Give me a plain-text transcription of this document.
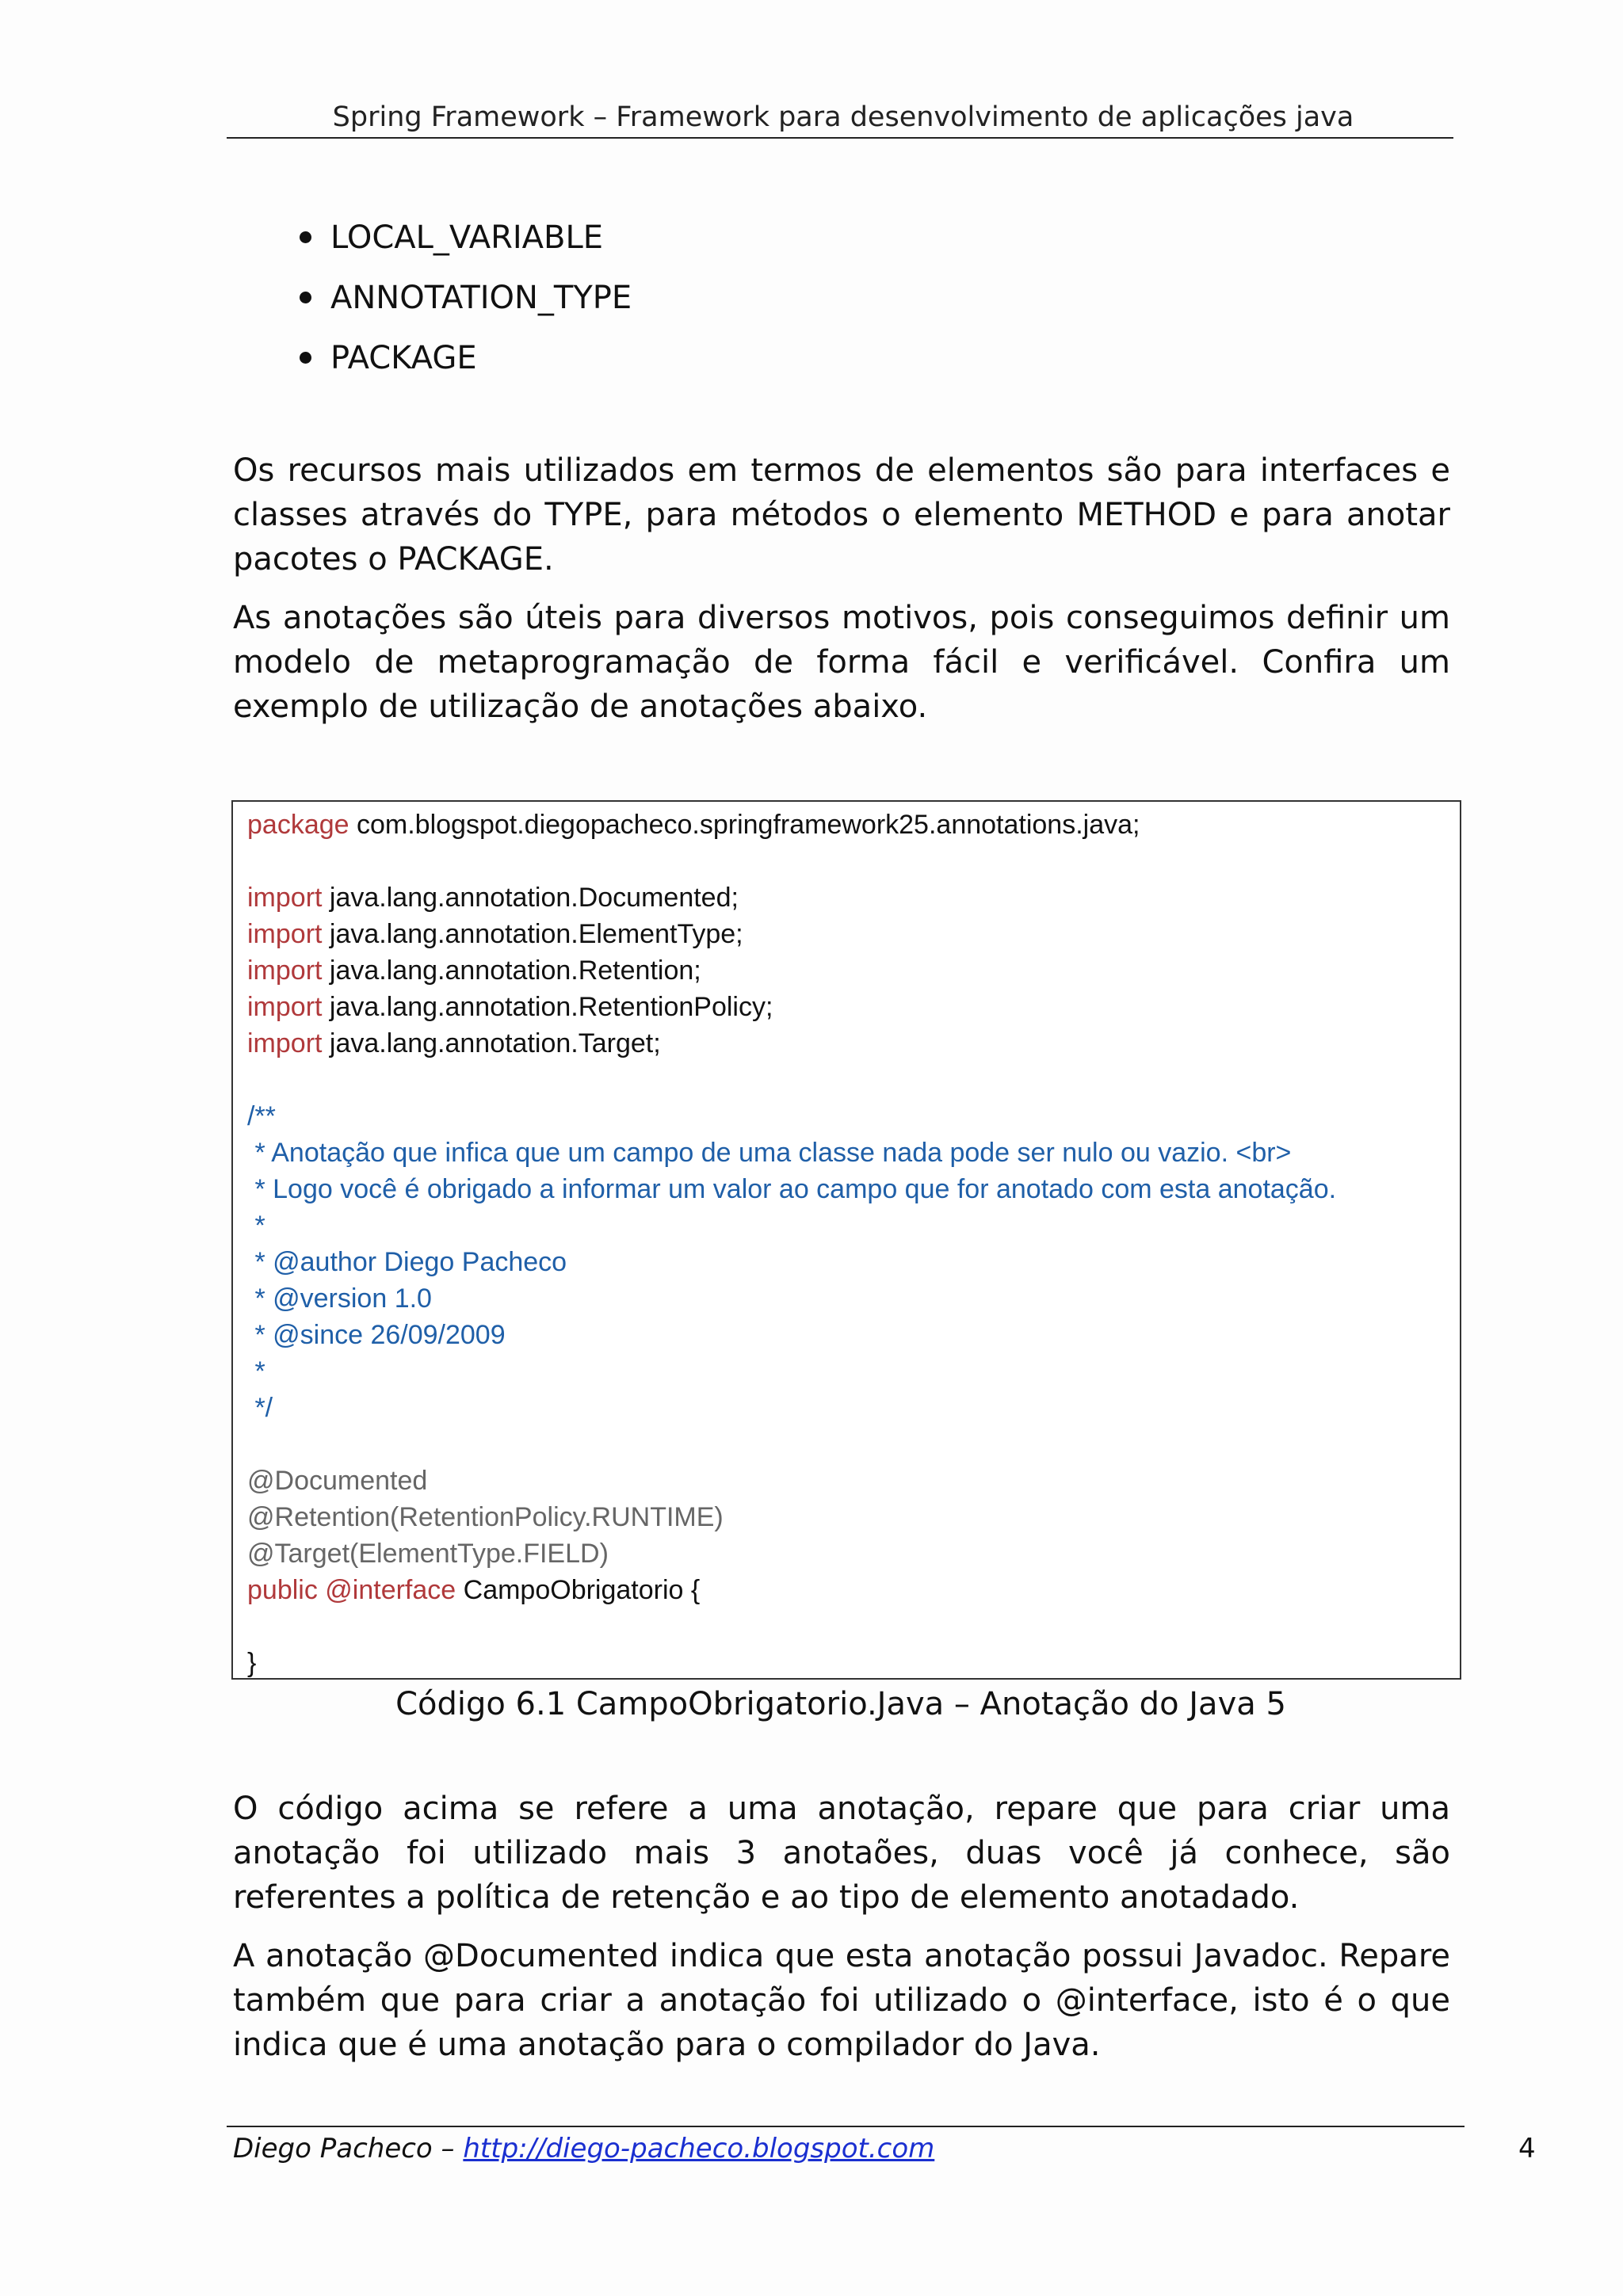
Spring Framework – Framework para desenvolvimento de aplicações java
LOCAL_VARIABLE
ANNOTATION_TYPE
PACKAGE

Os recursos mais utilizados em termos de elementos são para interfaces e classes através do TYPE, para métodos o elemento METHOD e para anotar pacotes o PACKAGE.

As anotações são úteis para diversos motivos, pois conseguimos definir um modelo de metaprogramação de forma fácil e verificável. Confira um exemplo de utilização de anotações abaixo.

package com.blogspot.diegopacheco.springframework25.annotations.java;
import java.lang.annotation.Documented;
import java.lang.annotation.ElementType;
import java.lang.annotation.Retention;
import java.lang.annotation.RetentionPolicy;
import java.lang.annotation.Target;
/**
* Anotação que infica que um campo de uma classe nada pode ser nulo ou vazio. <br>
* Logo você é obrigado a informar um valor ao campo que for anotado com esta anotação.
*
* @author Diego Pacheco
* @version 1.0
* @since 26/09/2009
*
*/
@Documented
@Retention(RetentionPolicy.RUNTIME)
@Target(ElementType.FIELD)
public @interface CampoObrigatorio {
}
Código 6.1 CampoObrigatorio.Java – Anotação do Java 5

O código acima se refere a uma anotação, repare que para criar uma anotação foi utilizado mais 3 anotaões, duas você já conhece, são referentes a política de retenção e ao tipo de elemento anotadado.

A anotação @Documented indica que esta anotação possui Javadoc. Repare também que para criar a anotação foi utilizado o @interface, isto é o que indica que é uma anotação para o compilador do Java.

Diego Pacheco – http://diego-pacheco.blogspot.com	4
